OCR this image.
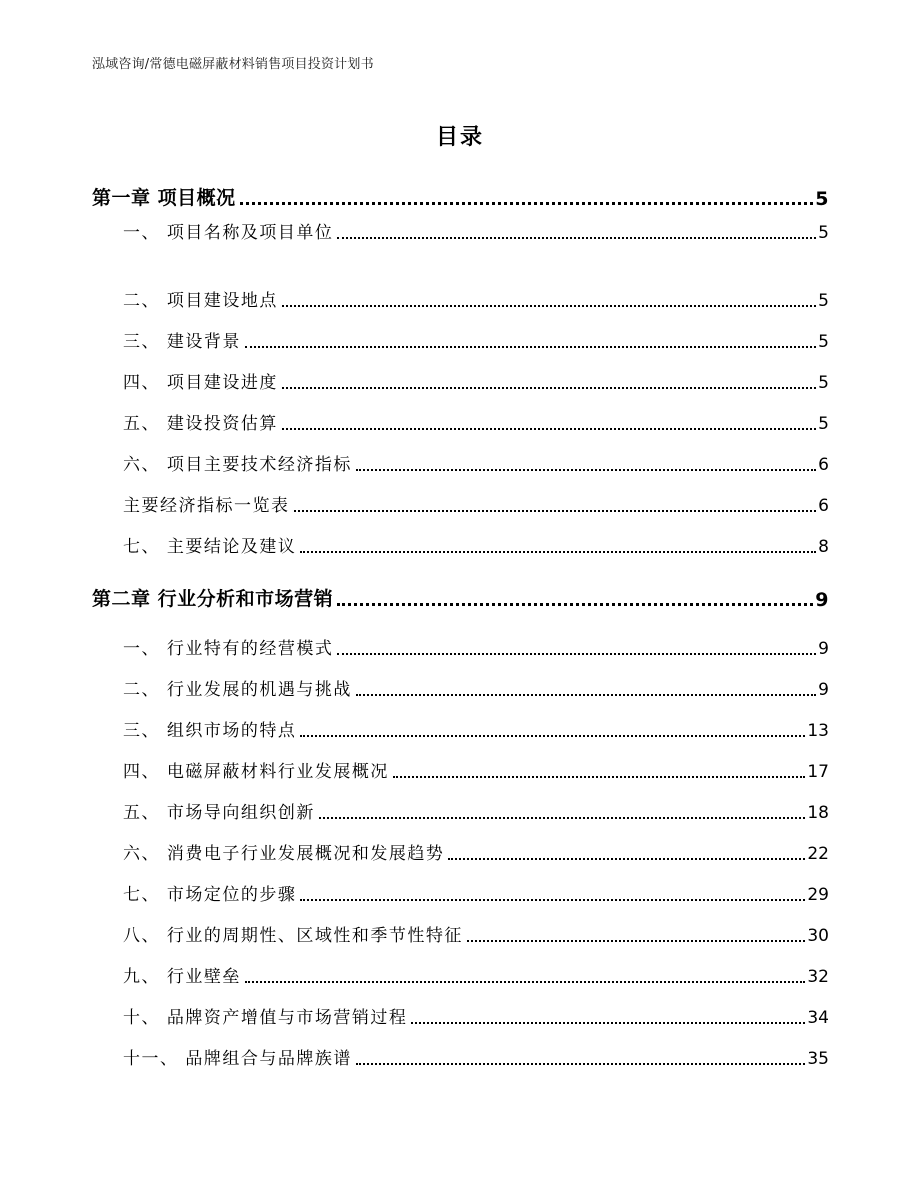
泓域咨询/常德电磁屏蔽材料销售项目投资计划书
目录
第一章 项目概况	5
一、 项目名称及项目单位	5
二、 项目建设地点	5
三、 建设背景	5
四、 项目建设进度	5
五、 建设投资估算	5
六、 项目主要技术经济指标	6
主要经济指标一览表	6
七、 主要结论及建议	8
第二章 行业分析和市场营销	9
一、 行业特有的经营模式	9
二、 行业发展的机遇与挑战	9
三、 组织市场的特点	13
四、 电磁屏蔽材料行业发展概况	17
五、 市场导向组织创新	18
六、 消费电子行业发展概况和发展趋势	22
七、 市场定位的步骤	29
八、 行业的周期性、区域性和季节性特征	30
九、 行业壁垒	32
十、 品牌资产增值与市场营销过程	34
十一、 品牌组合与品牌族谱	35
